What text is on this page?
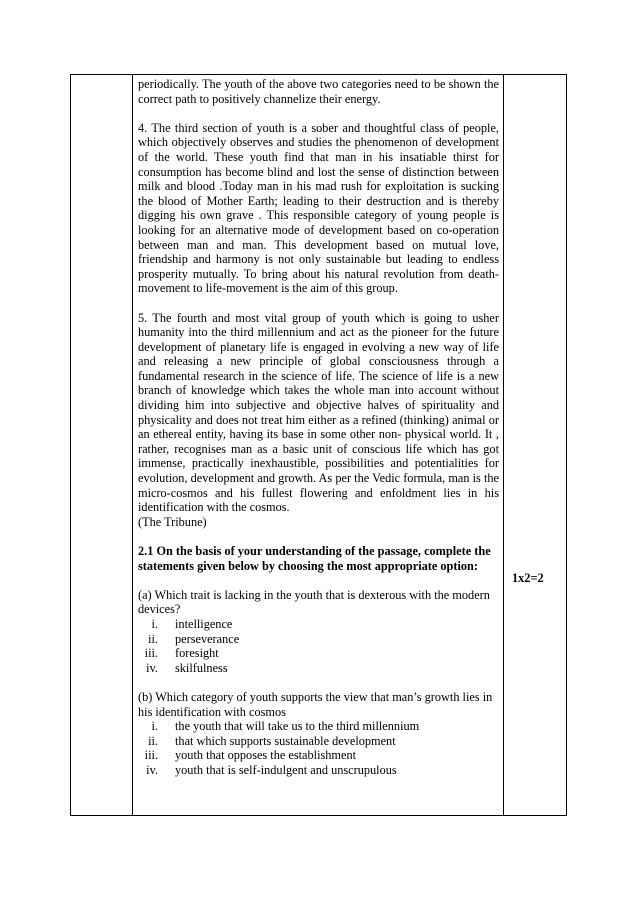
periodically. The youth of the above two categories need to be shown the correct path to positively channelize their energy.

4. The third section of youth is a sober and thoughtful class of people, which objectively observes and studies the phenomenon of development of the world. These youth find that man in his insatiable thirst for consumption has become blind and lost the sense of distinction between milk and blood .Today man in his mad rush for exploitation is sucking the blood of Mother Earth; leading to their destruction and is thereby digging his own grave . This responsible category of young people is looking for an alternative mode of development based on co-operation between man and man. This development based on mutual love, friendship and harmony is not only sustainable but leading to endless prosperity mutually. To bring about his natural revolution from death-movement to life-movement is the aim of this group.

5. The fourth and most vital group of youth which is going to usher humanity into the third millennium and act as the pioneer for the future development of planetary life is engaged in evolving a new way of life and releasing a new principle of global consciousness through a fundamental research in the science of life. The science of life is a new branch of knowledge which takes the whole man into account without dividing him into subjective and objective halves of spirituality and physicality and does not treat him either as a refined (thinking) animal or an ethereal entity, having its base in some other non- physical world. It , rather, recognises man as a basic unit of conscious life which has got immense, practically inexhaustible, possibilities and potentialities for evolution, development and growth. As per the Vedic formula, man is the micro-cosmos and his fullest flowering and enfoldment lies in his identification with the cosmos.

(The Tribune)

2.1 On the basis of your understanding of the passage, complete the statements given below by choosing the most appropriate option:

(a) Which trait is lacking in the youth that is dexterous with the modern devices?

i. intelligence
ii. perseverance
iii. foresight
iv. skilfulness

(b) Which category of youth supports the view that man’s growth lies in his identification with cosmos

i. the youth that will take us to the third millennium
ii. that which supports sustainable development
iii. youth that opposes the establishment
iv. youth that is self-indulgent and unscrupulous
1x2=2
